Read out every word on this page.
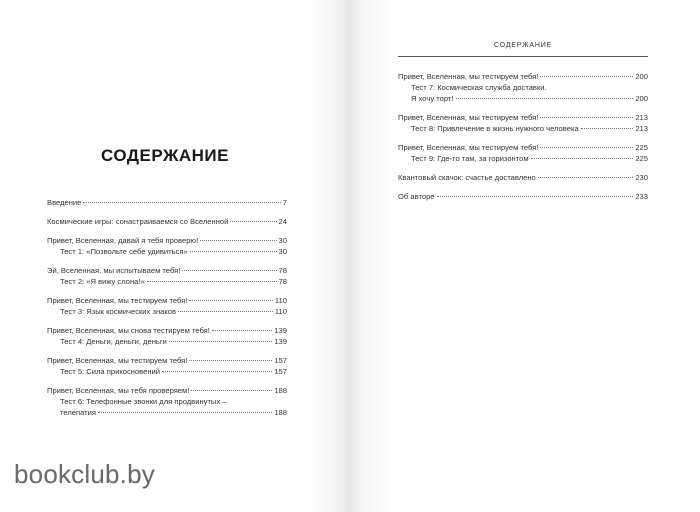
СОДЕРЖАНИЕ
Введение	7
Космические игры: сонастраиваемся со Вселенной	24
Привет, Вселенная, давай я тебя проверю!	30
Тест 1: «Позвольте себе удивиться»	30
Эй, Вселенная, мы испытываем тебя!	78
Тест 2: «Я вижу слона!»	78
Привет, Вселенная, мы тестируем тебя!	110
Тест 3: Язык космических знаков	110
Привет, Вселенная, мы снова тестируем тебя!	139
Тест 4: Деньги, деньги, деньги	139
Привет, Вселенная, мы тестируем тебя!	157
Тест 5: Сила прикосновений	157
Привет, Вселенная, мы тебя проверяем!	188
Тест 6: Телефонные звонки для продвинутых –
телепатия	188
СОДЕРЖАНИЕ
Привет, Вселенная, мы тестируем тебя!	200
Тест 7: Космическая служба доставки.
Я хочу торт!	200
Привет, Вселенная, мы тестируем тебя!	213
Тест 8: Привлечение в жизнь нужного человека	213
Привет, Вселенная, мы тестируем тебя!	225
Тест 9: Где-то там, за горизонтом	225
Квантовый скачок: счастье доставлено	230
Об авторе	233
bookclub.by
